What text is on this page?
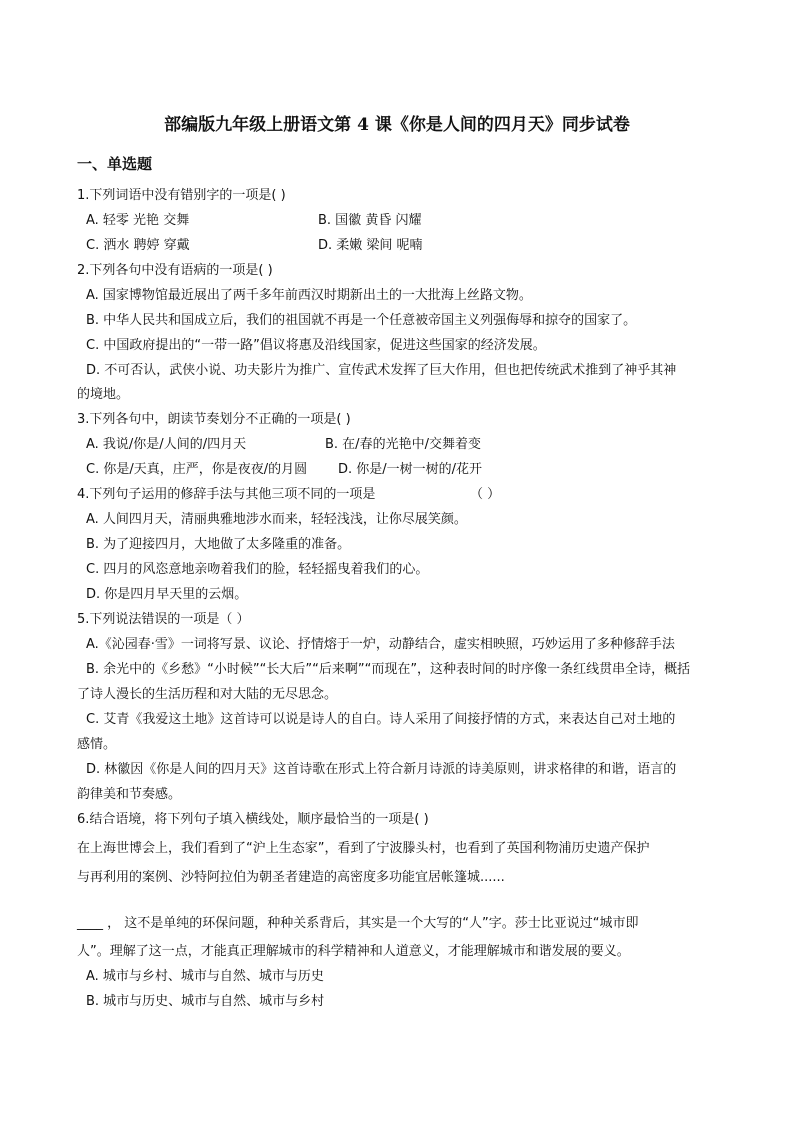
部编版九年级上册语文第 4 课《你是人间的四月天》同步试卷
一、单选题

1.下列词语中没有错别字的一项是( )

A. 轻零 光艳 交舞	B. 国徽 黄昏 闪耀

C. 洒水 聘婷 穿戴	D. 柔嫩 梁间 呢喃

2.下列各句中没有语病的一项是( )

A. 国家博物馆最近展出了两千多年前西汉时期新出土的一大批海上丝路文物。

B. 中华人民共和国成立后，我们的祖国就不再是一个任意被帝国主义列强侮辱和掠夺的国家了。

C. 中国政府提出的“一带一路”倡议将惠及沿线国家，促进这些国家的经济发展。

D. 不可否认，武侠小说、功夫影片为推广、宣传武术发挥了巨大作用，但也把传统武术推到了神乎其神

的境地。

3.下列各句中，朗读节奏划分不正确的一项是( )

A. 我说/你是/人间的/四月天	B. 在/春的光艳中/交舞着变

C. 你是/天真，庄严，你是夜夜/的月圆 D. 你是/一树一树的/花开

4.下列句子运用的修辞手法与其他三项不同的一项是	（ ）

A. 人间四月天，清丽典雅地涉水而来，轻轻浅浅，让你尽展笑颜。

B. 为了迎接四月，大地做了太多隆重的准备。

C. 四月的风恣意地亲吻着我们的脸，轻轻摇曳着我们的心。

D. 你是四月早天里的云烟。

5.下列说法错误的一项是（ ）

A.《沁园春·雪》一词将写景、议论、抒情熔于一炉，动静结合，虚实相映照，巧妙运用了多种修辞手法

B. 余光中的《乡愁》“小时候”“长大后”“后来啊”“而现在”，这种表时间的时序像一条红线贯串全诗，概括

了诗人漫长的生活历程和对大陆的无尽思念。

C. 艾青《我爱这土地》这首诗可以说是诗人的自白。诗人采用了间接抒情的方式，来表达自己对土地的

感情。

D. 林徽因《你是人间的四月天》这首诗歌在形式上符合新月诗派的诗美原则，讲求格律的和谐，语言的

韵律美和节奏感。

6.结合语境，将下列句子填入横线处，顺序最恰当的一项是( )

在上海世博会上，我们看到了“沪上生态家”，看到了宁波滕头村，也看到了英国利物浦历史遗产保护

与再利用的案例、沙特阿拉伯为朝圣者建造的高密度多功能宜居帐篷城......

____ ， 这不是单纯的环保问题，种种关系背后，其实是一个大写的“人”字。莎士比亚说过“城市即

人”。理解了这一点，才能真正理解城市的科学精神和人道意义，才能理解城市和谐发展的要义。

A. 城市与乡村、城市与自然、城市与历史

B. 城市与历史、城市与自然、城市与乡村
